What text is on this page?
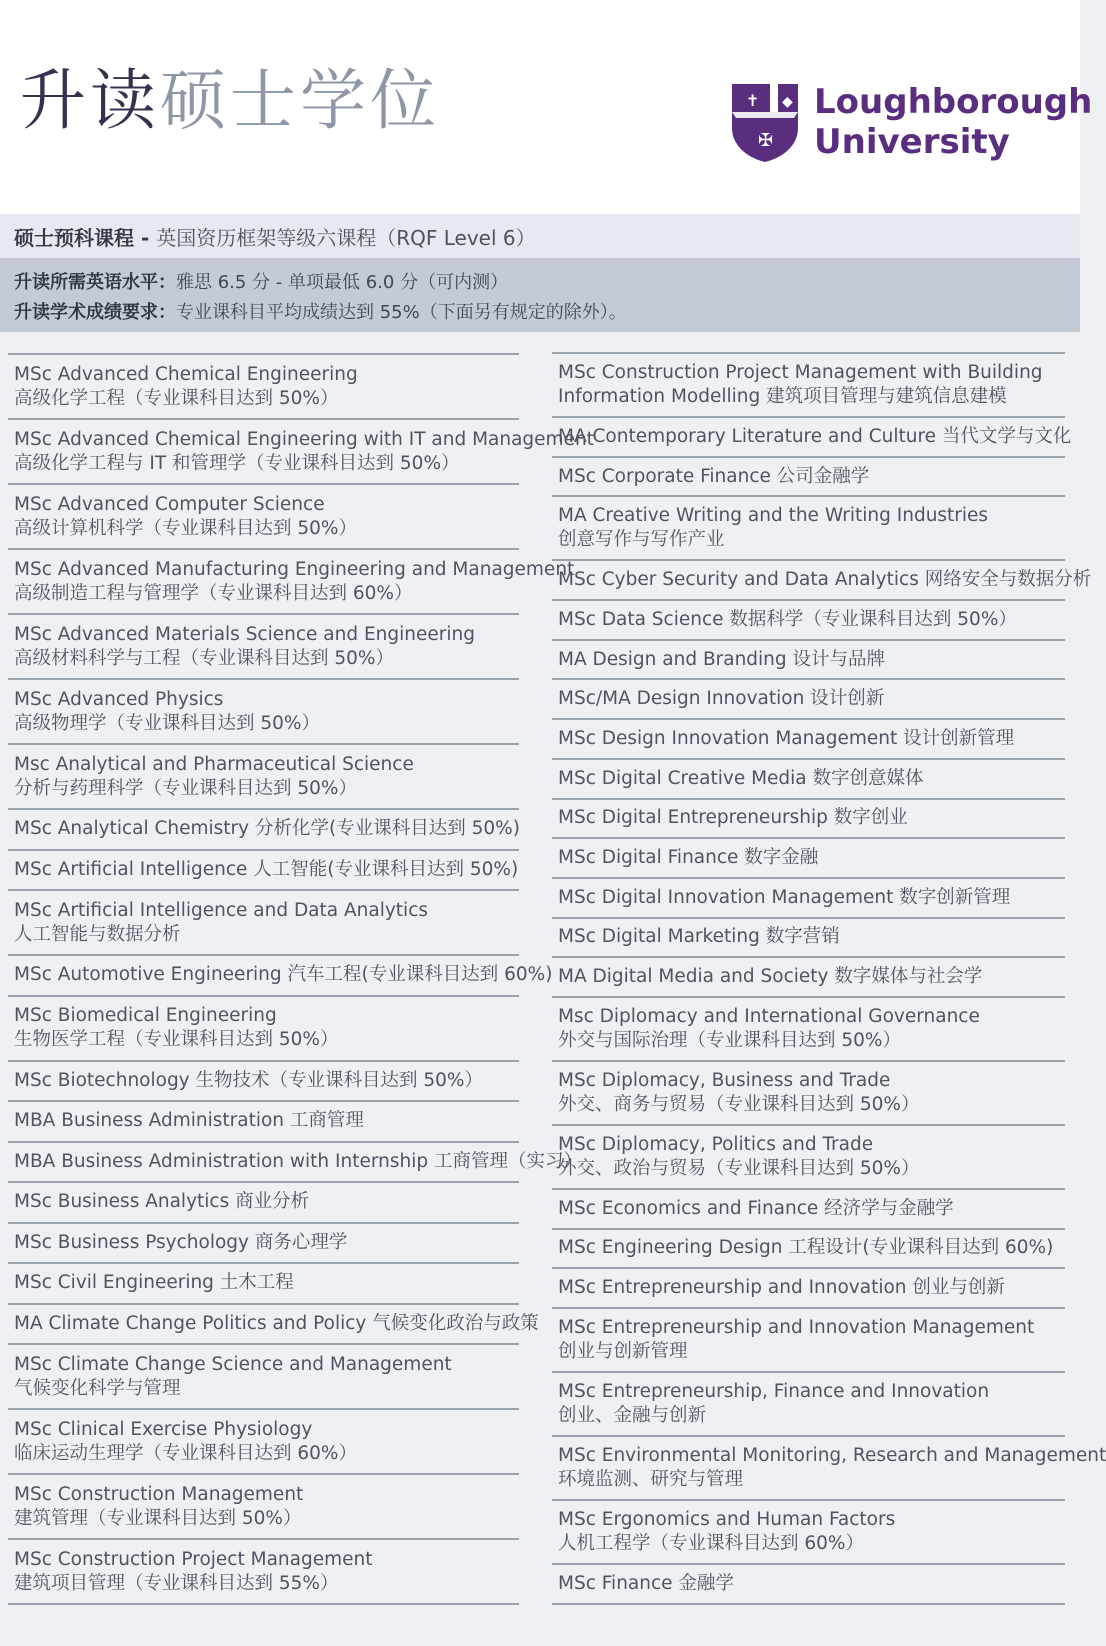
升读硕士学位	✝ ◆
✠
Loughborough
University
硕士预科课程 - 英国资历框架等级六课程（RQF Level 6）
升读所需英语水平：雅思 6.5 分 - 单项最低 6.0 分（可内测）
升读学术成绩要求：专业课科目平均成绩达到 55%（下面另有规定的除外）。
MSc Advanced Chemical Engineering
高级化学工程（专业课科目达到 50%）
MSc Advanced Chemical Engineering with IT and Management
高级化学工程与 IT 和管理学（专业课科目达到 50%）
MSc Advanced Computer Science
高级计算机科学（专业课科目达到 50%）
MSc Advanced Manufacturing Engineering and Management
高级制造工程与管理学（专业课科目达到 60%）
MSc Advanced Materials Science and Engineering
高级材料科学与工程（专业课科目达到 50%）
MSc Advanced Physics
高级物理学（专业课科目达到 50%）
Msc Analytical and Pharmaceutical Science
分析与药理科学（专业课科目达到 50%）
MSc Analytical Chemistry 分析化学(专业课科目达到 50%)
MSc Artificial Intelligence 人工智能(专业课科目达到 50%)
MSc Artificial Intelligence and Data Analytics
人工智能与数据分析
MSc Automotive Engineering 汽车工程(专业课科目达到 60%)
MSc Biomedical Engineering
生物医学工程（专业课科目达到 50%）
MSc Biotechnology 生物技术（专业课科目达到 50%）
MBA Business Administration 工商管理
MBA Business Administration with Internship 工商管理（实习）
MSc Business Analytics 商业分析
MSc Business Psychology 商务心理学
MSc Civil Engineering 土木工程
MA Climate Change Politics and Policy 气候变化政治与政策
MSc Climate Change Science and Management
气候变化科学与管理
MSc Clinical Exercise Physiology
临床运动生理学（专业课科目达到 60%）
MSc Construction Management
建筑管理（专业课科目达到 50%）
MSc Construction Project Management
建筑项目管理（专业课科目达到 55%）
MSc Construction Project Management with Building
Information Modelling 建筑项目管理与建筑信息建模
MA Contemporary Literature and Culture 当代文学与文化
MSc Corporate Finance 公司金融学
MA Creative Writing and the Writing Industries
创意写作与写作产业
MSc Cyber Security and Data Analytics 网络安全与数据分析
MSc Data Science 数据科学（专业课科目达到 50%）
MA Design and Branding 设计与品牌
MSc/MA Design Innovation 设计创新
MSc Design Innovation Management 设计创新管理
MSc Digital Creative Media 数字创意媒体
MSc Digital Entrepreneurship 数字创业
MSc Digital Finance 数字金融
MSc Digital Innovation Management 数字创新管理
MSc Digital Marketing 数字营销
MA Digital Media and Society 数字媒体与社会学
Msc Diplomacy and International Governance
外交与国际治理（专业课科目达到 50%）
MSc Diplomacy, Business and Trade
外交、商务与贸易（专业课科目达到 50%）
MSc Diplomacy, Politics and Trade
外交、政治与贸易（专业课科目达到 50%）
MSc Economics and Finance 经济学与金融学
MSc Engineering Design 工程设计(专业课科目达到 60%)
MSc Entrepreneurship and Innovation 创业与创新
MSc Entrepreneurship and Innovation Management
创业与创新管理
MSc Entrepreneurship, Finance and Innovation
创业、金融与创新
MSc Environmental Monitoring, Research and Management
环境监测、研究与管理
MSc Ergonomics and Human Factors
人机工程学（专业课科目达到 60%）
MSc Finance 金融学
